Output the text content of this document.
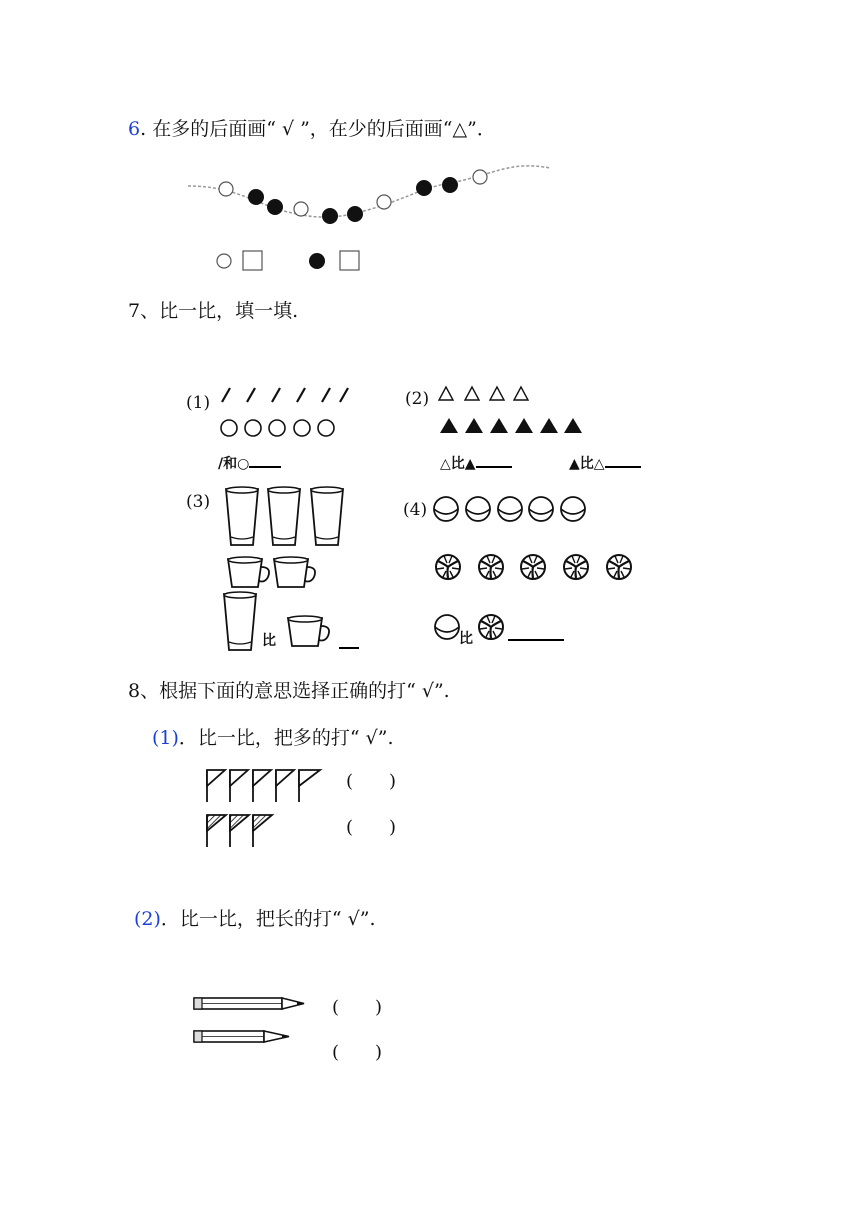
6. 在多的后面画“ √ ”，在少的后面画“△”．
7、比一比，填一填.
(1)
/和○
(2)
△比▲	▲比△
(3)
比
(4)
比
8、根据下面的意思选择正确的打“ √”.
(1)．比一比，把多的打“ √”.
(　　)
(　　)
(2)．比一比，把长的打“ √”.
(　　)
(　　)
